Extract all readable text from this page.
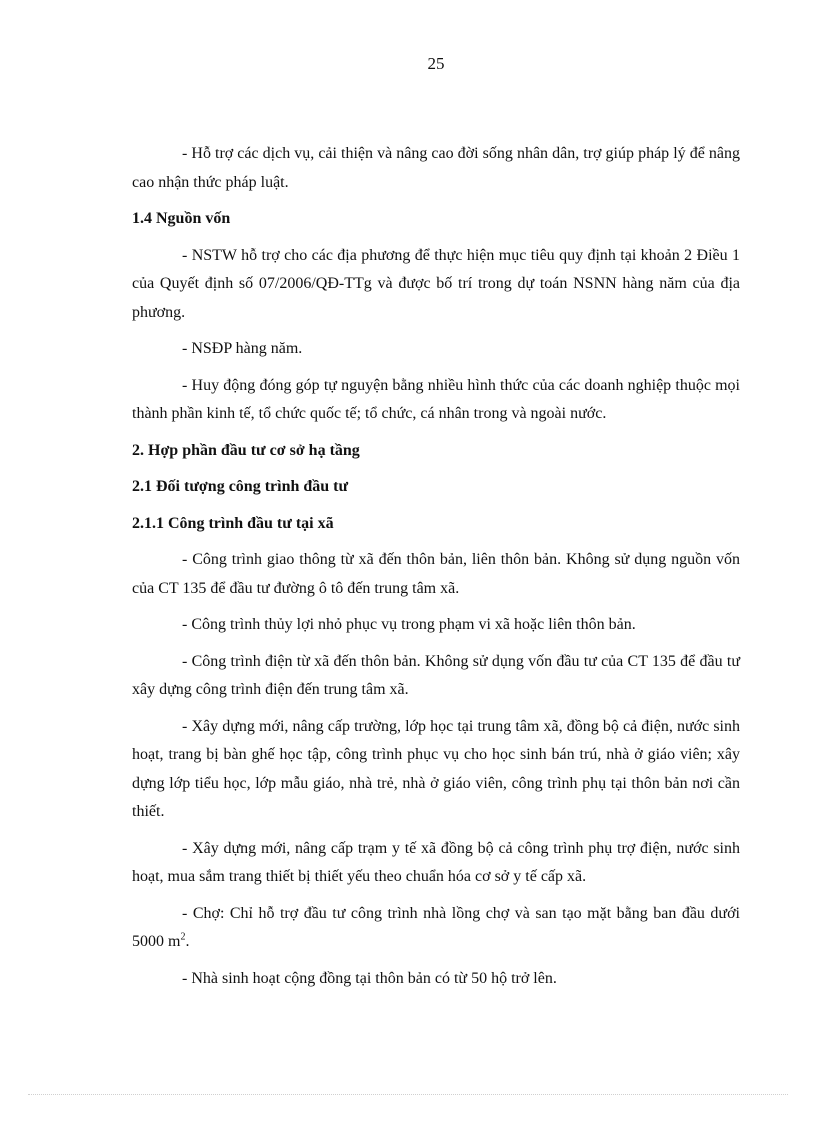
25

- Hỗ trợ các dịch vụ, cải thiện và nâng cao đời sống nhân dân, trợ giúp pháp lý để nâng cao nhận thức pháp luật.

1.4 Nguồn vốn

- NSTW hỗ trợ cho các địa phương để thực hiện mục tiêu quy định tại khoản 2 Điều 1 của Quyết định số 07/2006/QĐ-TTg và được bố trí trong dự toán NSNN hàng năm của địa phương.

- NSĐP hàng năm.

- Huy động đóng góp tự nguyện bằng nhiều hình thức của các doanh nghiệp thuộc mọi thành phần kinh tế, tổ chức quốc tế; tổ chức, cá nhân trong và ngoài nước.

2. Hợp phần đầu tư cơ sở hạ tầng
2.1 Đối tượng công trình đầu tư
2.1.1 Công trình đầu tư tại xã

- Công trình giao thông từ xã đến thôn bản, liên thôn bản. Không sử dụng nguồn vốn của CT 135 để đầu tư đường ô tô đến trung tâm xã.

- Công trình thủy lợi nhỏ phục vụ trong phạm vi xã hoặc liên thôn bản.

- Công trình điện từ xã đến thôn bản. Không sử dụng vốn đầu tư của CT 135 để đầu tư xây dựng công trình điện đến trung tâm xã.

- Xây dựng mới, nâng cấp trường, lớp học tại trung tâm xã, đồng bộ cả điện, nước sinh hoạt, trang bị bàn ghế học tập, công trình phục vụ cho học sinh bán trú, nhà ở giáo viên; xây dựng lớp tiểu học, lớp mẫu giáo, nhà trẻ, nhà ở giáo viên, công trình phụ tại thôn bản nơi cần thiết.

- Xây dựng mới, nâng cấp trạm y tế xã đồng bộ cả công trình phụ trợ điện, nước sinh hoạt, mua sắm trang thiết bị thiết yếu theo chuẩn hóa cơ sở y tế cấp xã.

- Chợ: Chỉ hỗ trợ đầu tư công trình nhà lồng chợ và san tạo mặt bằng ban đầu dưới 5000 $m^2$.

- Nhà sinh hoạt cộng đồng tại thôn bản có từ 50 hộ trở lên.
